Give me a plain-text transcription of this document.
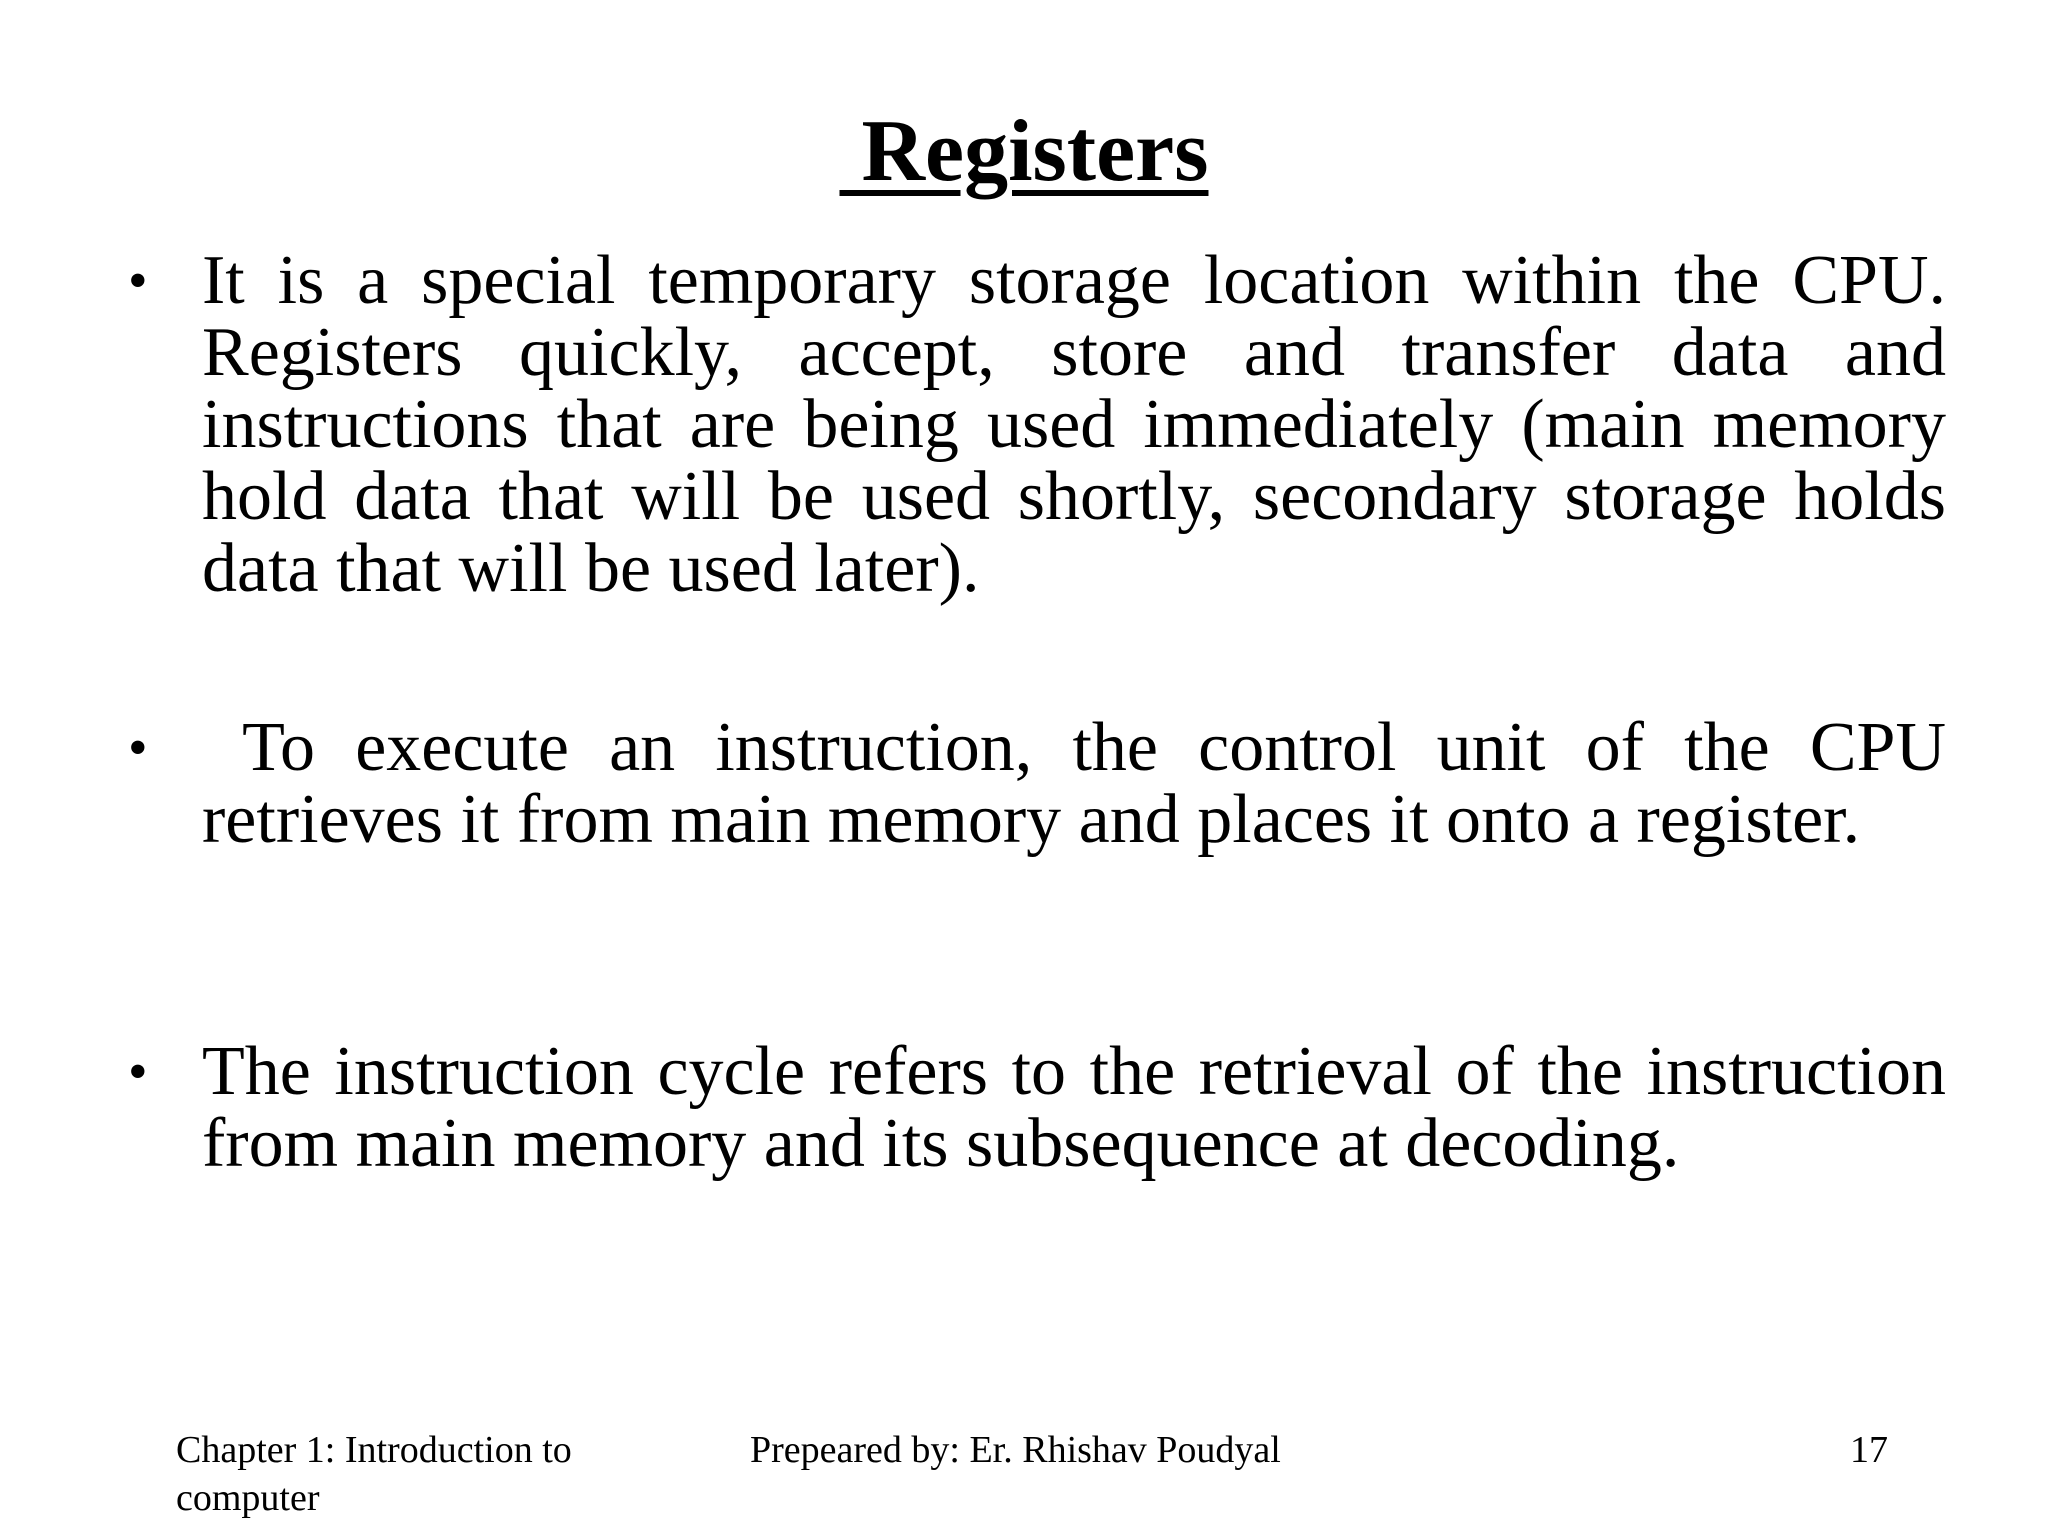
Registers
• It is a special temporary storage location within the CPU. Registers quickly, accept, store and transfer data and instructions that are being used immediately (main memory hold data that will be used shortly, secondary storage holds data that will be used later).
• To execute an instruction, the control unit of the CPU retrieves it from main memory and places it onto a register.
• The instruction cycle refers to the retrieval of the instruction from main memory and its subsequence at decoding.
Chapter 1: Introduction to computer
Prepeared by: Er. Rhishav Poudyal	17
